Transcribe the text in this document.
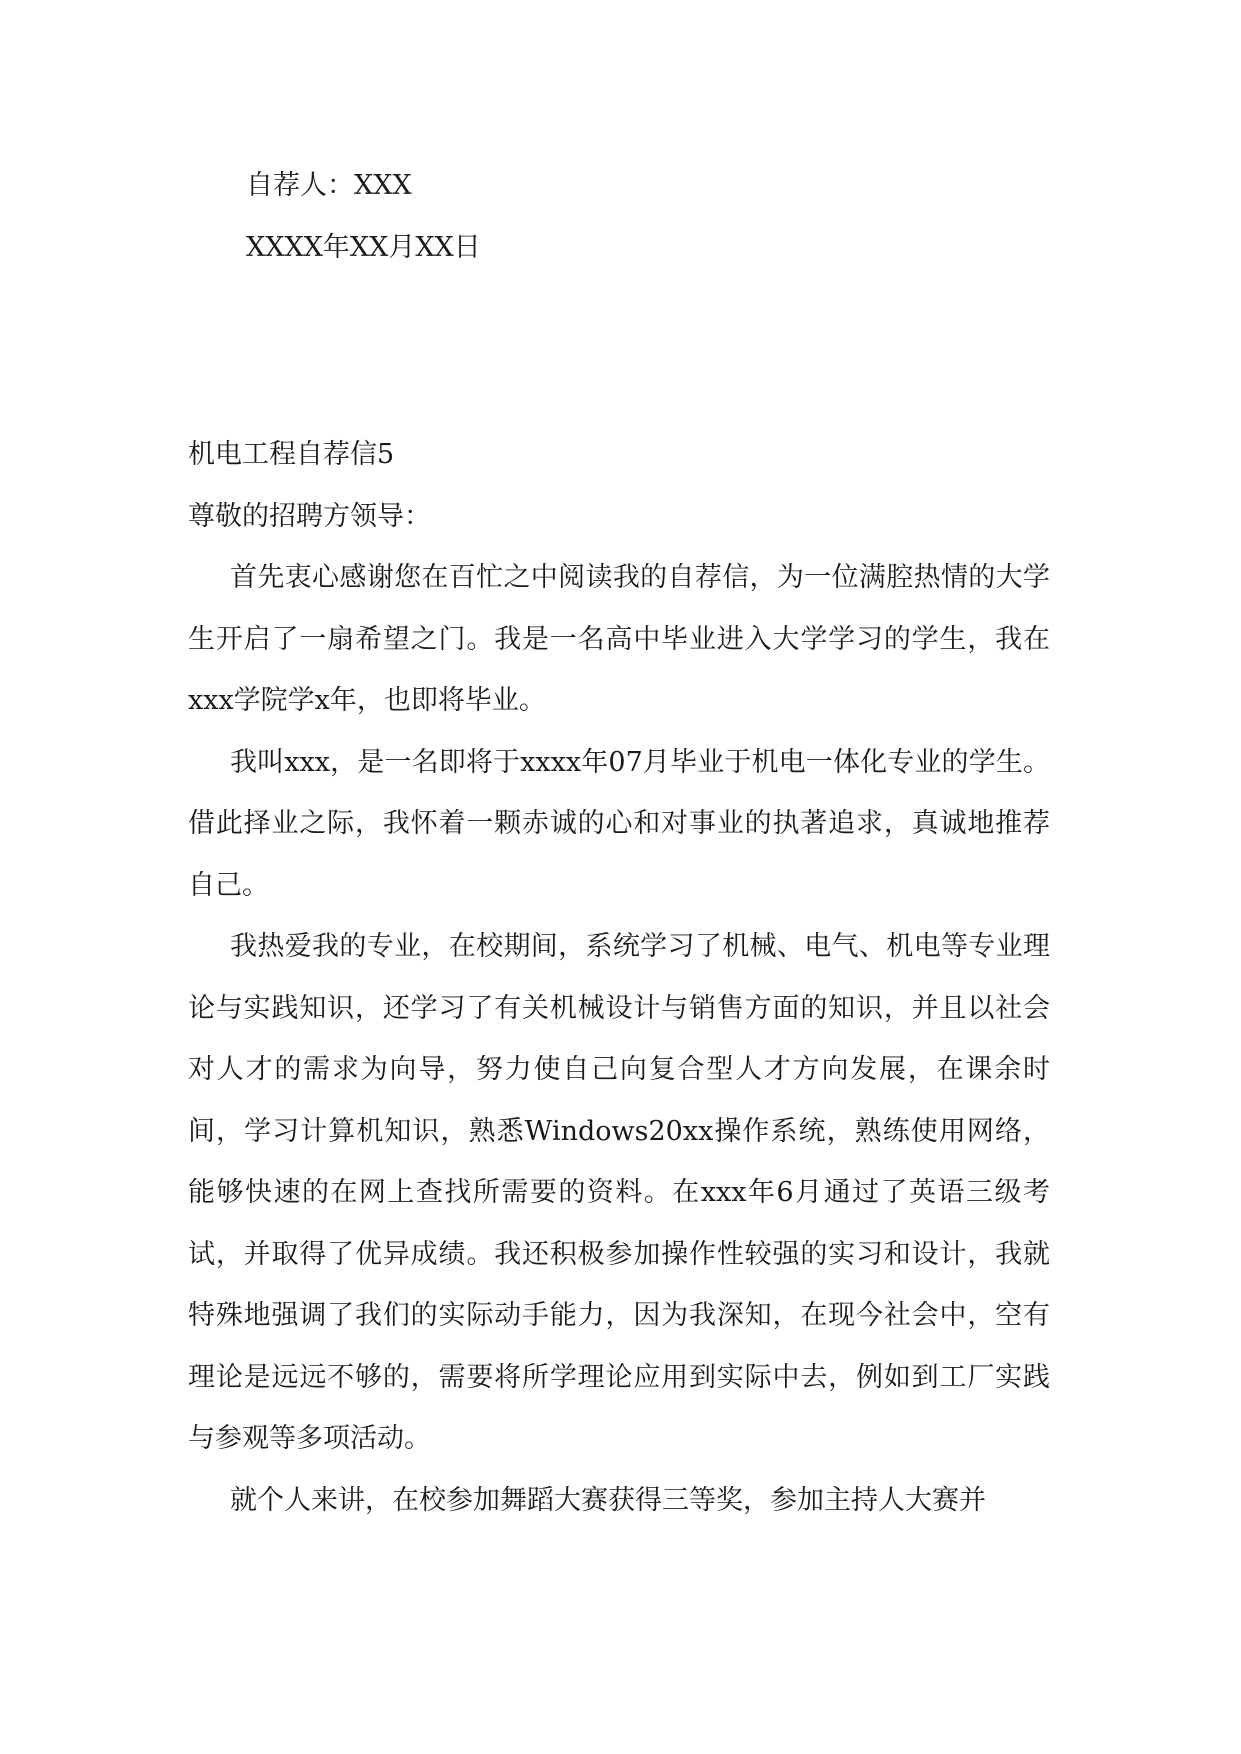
自荐人：XXX
XXXX年XX月XX日

机电工程自荐信5

尊敬的招聘方领导：

首先衷心感谢您在百忙之中阅读我的自荐信，为一位满腔热情的大学生开启了一扇希望之门。我是一名高中毕业进入大学学习的学生，我在xxx学院学x年，也即将毕业。

我叫xxx，是一名即将于xxxx年07月毕业于机电一体化专业的学生。借此择业之际，我怀着一颗赤诚的心和对事业的执著追求，真诚地推荐自己。

我热爱我的专业，在校期间，系统学习了机械、电气、机电等专业理论与实践知识，还学习了有关机械设计与销售方面的知识，并且以社会对人才的需求为向导，努力使自己向复合型人才方向发展，在课余时间，学习计算机知识，熟悉Windows20xx操作系统，熟练使用网络，能够快速的在网上查找所需要的资料。在xxx年6月通过了英语三级考试，并取得了优异成绩。我还积极参加操作性较强的实习和设计，我就特殊地强调了我们的实际动手能力，因为我深知，在现今社会中，空有理论是远远不够的，需要将所学理论应用到实际中去，例如到工厂实践与参观等多项活动。

就个人来讲，在校参加舞蹈大赛获得三等奖，参加主持人大赛并
